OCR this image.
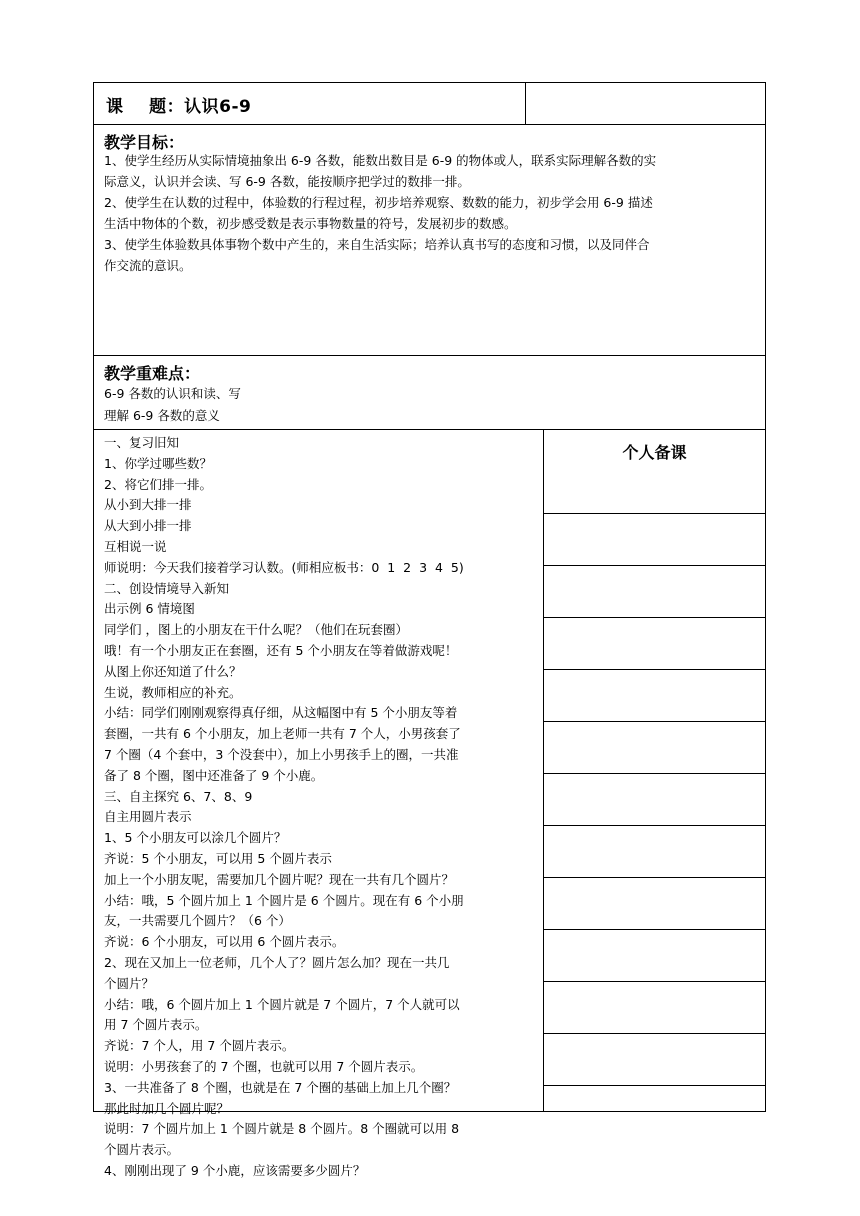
课    题：认识6-9
教学目标：
1、使学生经历从实际情境抽象出 6-9 各数，能数出数目是 6-9 的物体或人，联系实际理解各数的实
际意义，认识并会读、写 6-9 各数，能按顺序把学过的数排一排。
2、使学生在认数的过程中，体验数的行程过程，初步培养观察、数数的能力，初步学会用 6-9 描述
生活中物体的个数，初步感受数是表示事物数量的符号，发展初步的数感。
3、使学生体验数具体事物个数中产生的，来自生活实际；培养认真书写的态度和习惯，以及同伴合
作交流的意识。
教学重难点：
6-9 各数的认识和读、写
理解 6-9 各数的意义
一、复习旧知
1、你学过哪些数？
2、将它们排一排。
从小到大排一排
从大到小排一排
互相说一说
师说明：今天我们接着学习认数。(师相应板书：0  1  2  3  4  5)
二、创设情境导入新知
出示例 6 情境图
同学们 ，图上的小朋友在干什么呢？（他们在玩套圈）
哦！有一个小朋友正在套圈，还有 5 个小朋友在等着做游戏呢！
从图上你还知道了什么？
生说，教师相应的补充。
小结：同学们刚刚观察得真仔细，从这幅图中有 5 个小朋友等着
套圈，一共有 6 个小朋友，加上老师一共有 7 个人，小男孩套了
7 个圈（4 个套中，3 个没套中），加上小男孩手上的圈，一共准
备了 8 个圈，图中还准备了 9 个小鹿。
三、自主探究 6、7、8、9
自主用圆片表示
1、5 个小朋友可以涂几个圆片？
齐说：5 个小朋友，可以用 5 个圆片表示
加上一个小朋友呢，需要加几个圆片呢？现在一共有几个圆片？
小结：哦，5 个圆片加上 1 个圆片是 6 个圆片。现在有 6 个小朋
友，一共需要几个圆片？（6 个）
齐说：6 个小朋友，可以用 6 个圆片表示。
2、现在又加上一位老师，几个人了？圆片怎么加？现在一共几
个圆片？
小结：哦，6 个圆片加上 1 个圆片就是 7 个圆片，7 个人就可以
用 7 个圆片表示。
齐说：7 个人，用 7 个圆片表示。
说明：小男孩套了的 7 个圈，也就可以用 7 个圆片表示。
3、一共准备了 8 个圈，也就是在 7 个圈的基础上加上几个圈？
那此时加几个圆片呢？
说明：7 个圆片加上 1 个圆片就是 8 个圆片。8 个圈就可以用 8
个圆片表示。
4、刚刚出现了 9 个小鹿，应该需要多少圆片？
个人备课
